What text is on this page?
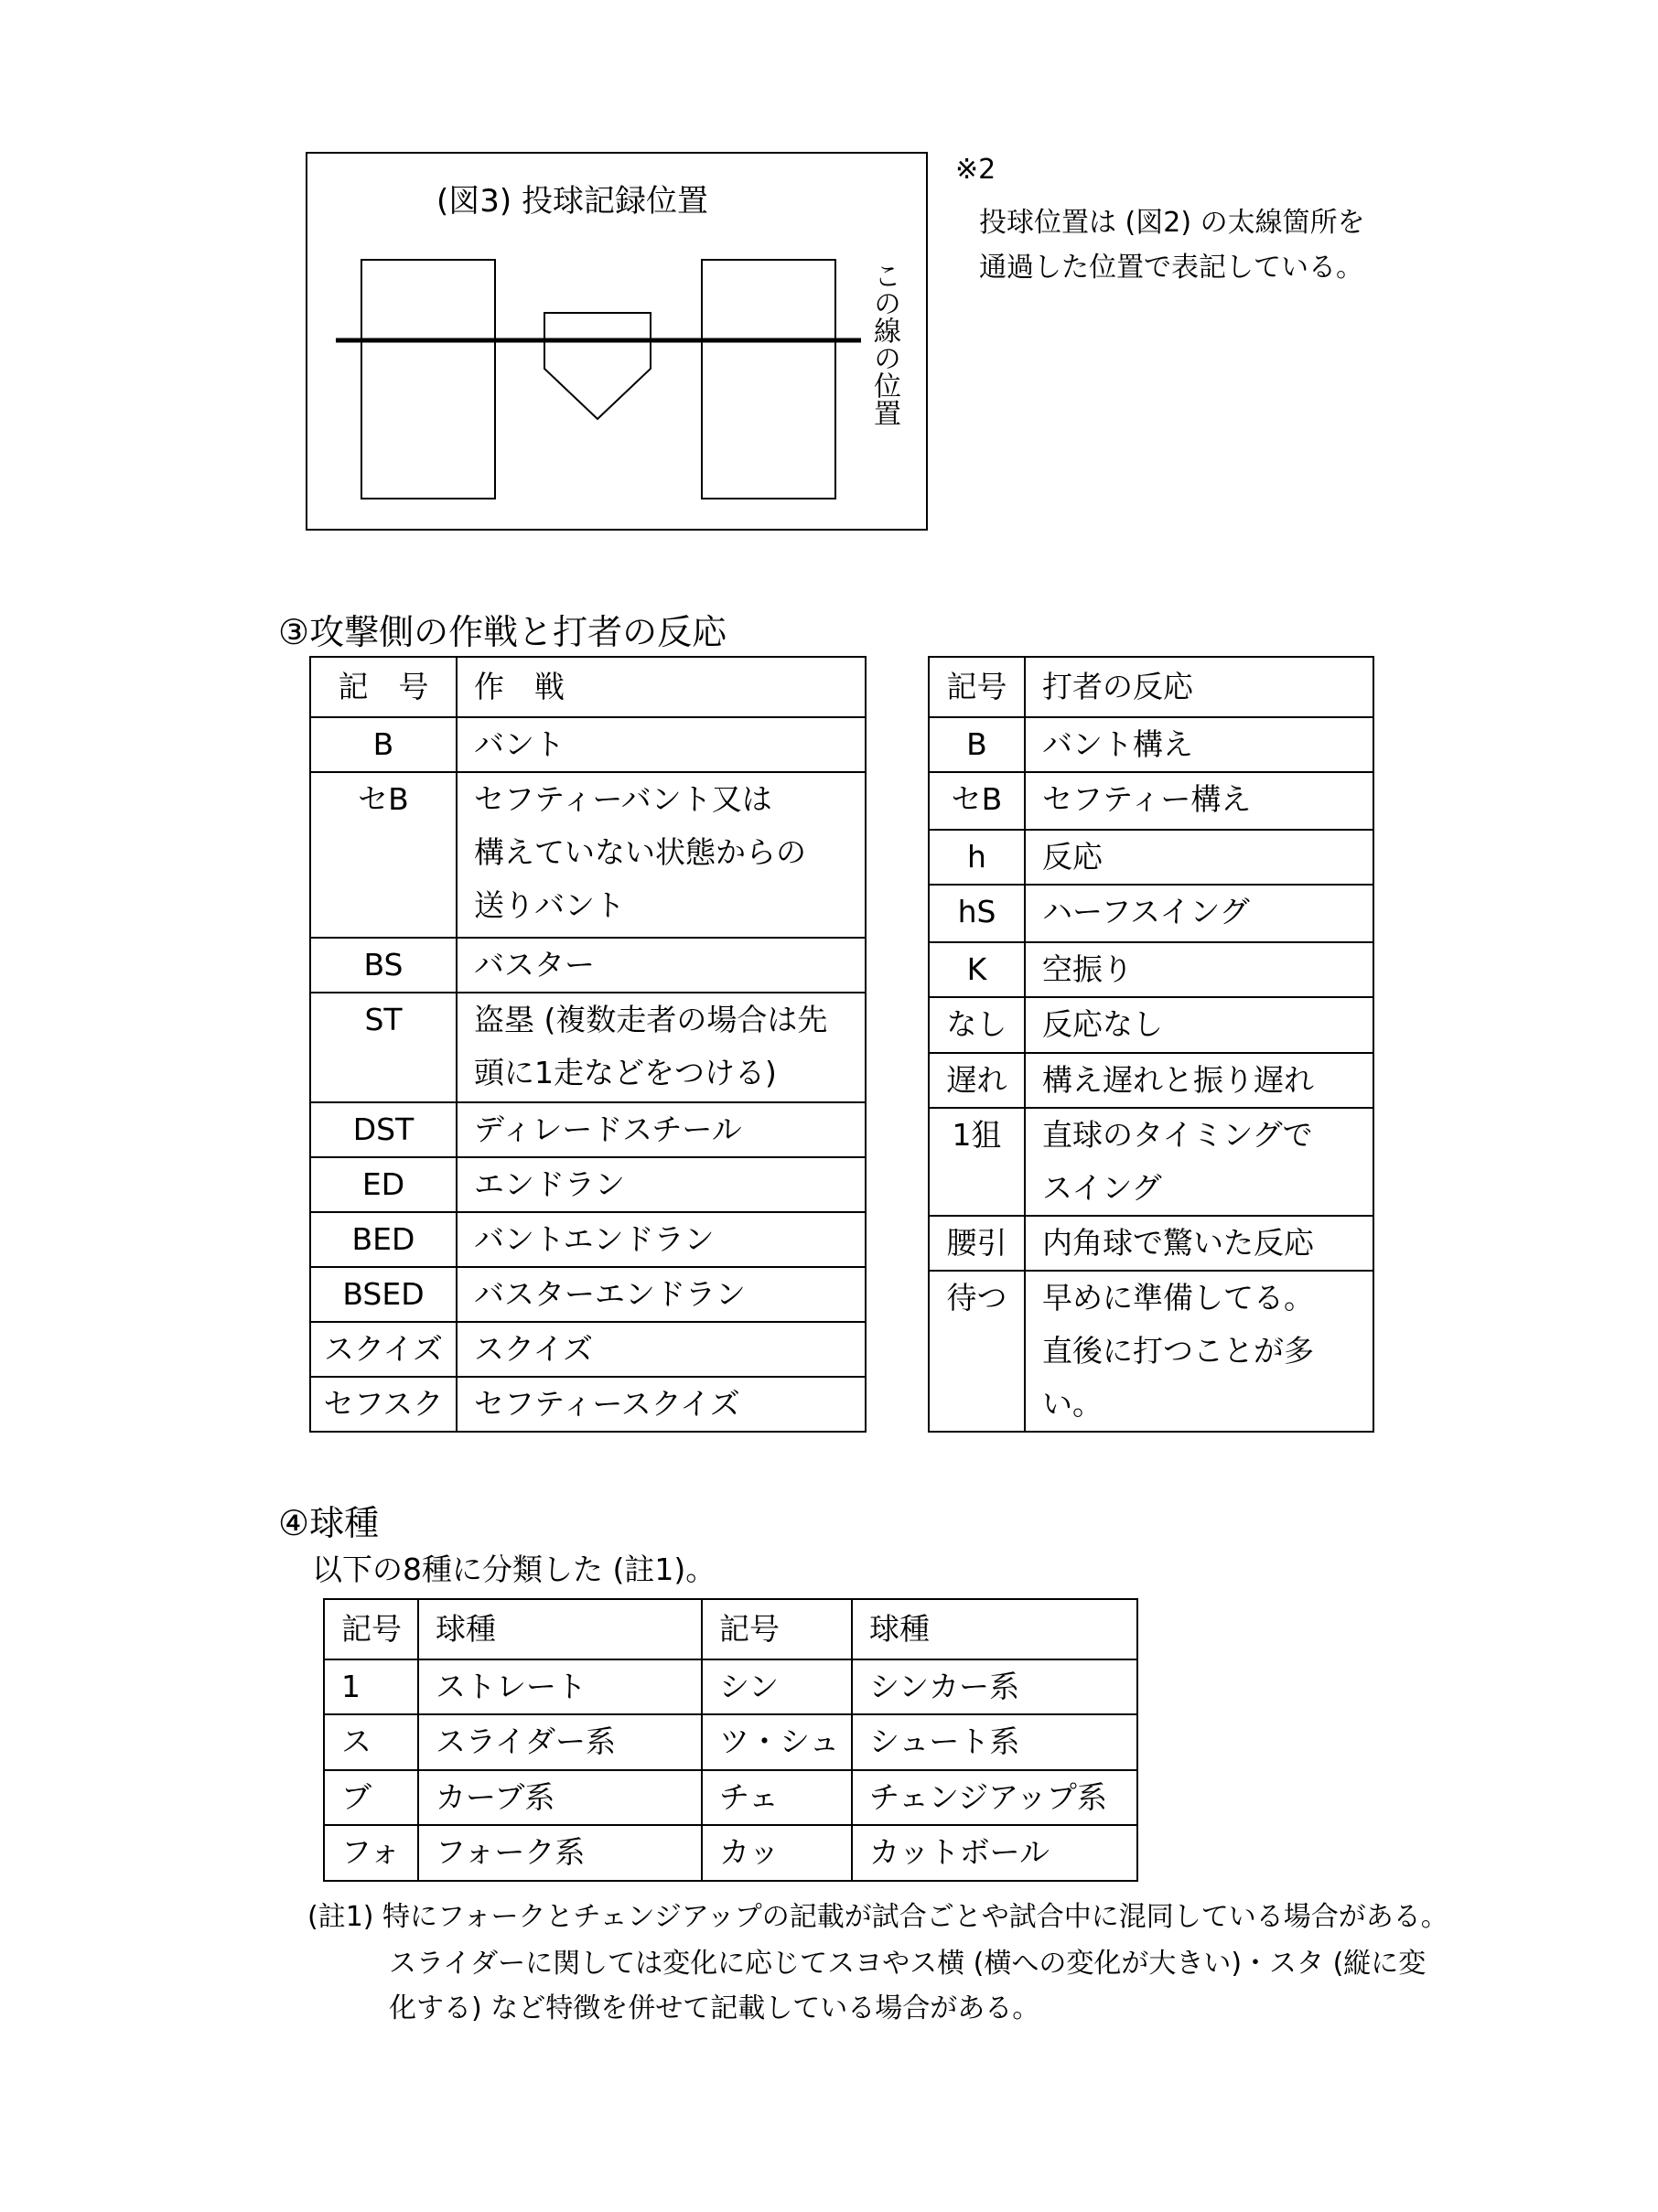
(図3) 投球記録位置
この線の位置
※2
投球位置は (図2) の太線箇所を
通過した位置で表記している。
③攻撃側の作戦と打者の反応
記　号	作　戦
B	バント
セB	セフティーバント又は
構えていない状態からの
送りバント
BS	バスター
ST	盗塁 (複数走者の場合は先
頭に1走などをつける)
DST	ディレードスチール
ED	エンドラン
BED	バントエンドラン
BSED	バスターエンドラン
スクイズ	スクイズ
セフスク	セフティースクイズ
記号	打者の反応
B	バント構え
セB	セフティー構え
h	反応
hS	ハーフスイング
K	空振り
なし	反応なし
遅れ	構え遅れと振り遅れ
1狙	直球のタイミングで
スイング
腰引	内角球で驚いた反応
待つ	早めに準備してる。
直後に打つことが多い。
④球種
以下の8種に分類した (註1)。
記号	球種	記号	球種
1	ストレート	シン	シンカー系
ス	スライダー系	ツ・シュ	シュート系
ブ	カーブ系	チェ	チェンジアップ系
フォ	フォーク系	カッ	カットボール
(註1) 特にフォークとチェンジアップの記載が試合ごとや試合中に混同している場合がある。
スライダーに関しては変化に応じてスヨやス横 (横への変化が大きい)・スタ (縦に変
化する) など特徴を併せて記載している場合がある。
